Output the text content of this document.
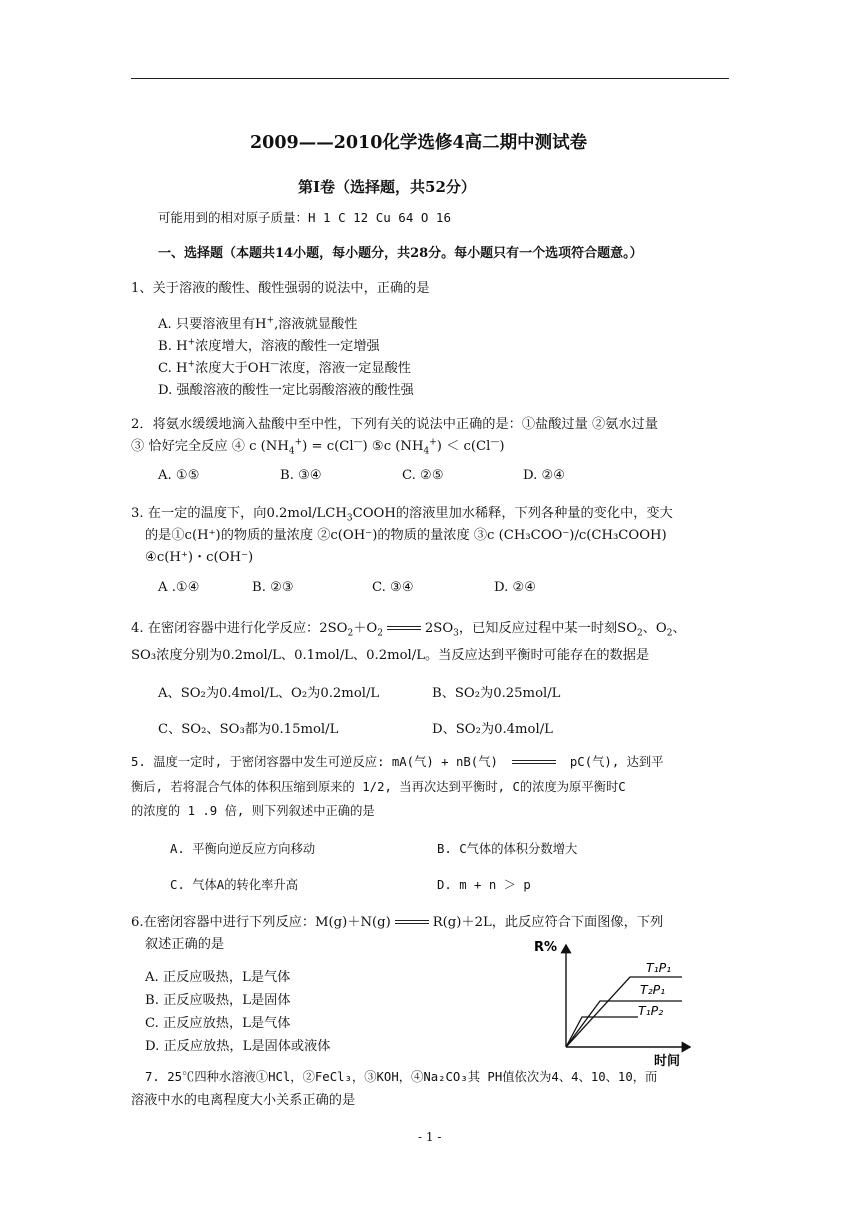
2009——2010化学选修4高二期中测试卷
第I卷（选择题，共52分）
可能用到的相对原子质量：H 1 C 12 Cu 64 O 16
一、选择题（本题共14小题，每小题分，共28分。每小题只有一个选项符合题意。）
1、关于溶液的酸性、酸性强弱的说法中，正确的是
A. 只要溶液里有H+,溶液就显酸性
B. H+浓度增大，溶液的酸性一定增强
C. H+浓度大于OH—浓度，溶液一定显酸性
D. 强酸溶液的酸性一定比弱酸溶液的酸性强
2．将氨水缓缓地滴入盐酸中至中性，下列有关的说法中正确的是：①盐酸过量 ②氨水过量
③ 恰好完全反应 ④ c $(NH_4^+) = c(Cl^—)$ ⑤c $(NH_4^+) < c(Cl^—)$
A. ①⑤	B. ③④	C. ②⑤	D. ②④
3. 在一定的温度下，向$0.2mol/LCH_3COOH$的溶液里加水稀释，下列各种量的变化中，变大
的是①c(H⁺)的物质的量浓度 ②c(OH⁻)的物质的量浓度 ③c (CH₃COO⁻)/c(CH₃COOH)
④c(H⁺)・c(OH⁻)
A .①④	B. ②③	C. ③④	D. ②④
4. 在密闭容器中进行化学反应：$2SO_2+O_2$	$2SO_3$，已知反应过程中某一时刻$SO_2$、$O_2$、
SO₃浓度分别为0.2mol/L、0.1mol/L、0.2mol/L。当反应达到平衡时可能存在的数据是
A、SO₂为0.4mol/L、O₂为0.2mol/L	B、SO₂为0.25mol/L
C、SO₂、SO₃都为0.15mol/L	D、SO₂为0.4mol/L
5. 温度一定时, 于密闭容器中发生可逆反应: mA(气) + nB(气)	pC(气), 达到平
衡后, 若将混合气体的体积压缩到原来的 1/2, 当再次达到平衡时, C的浓度为原平衡时C
的浓度的 1 .9 倍, 则下列叙述中正确的是
A. 平衡向逆反应方向移动	B. C气体的体积分数增大
C. 气体A的转化率升高	D. m + n ＞ p
6.在密闭容器中进行下列反应：M(g)＋N(g)	R(g)＋2L，此反应符合下面图像，下列
叙述正确的是
A. 正反应吸热，L是气体
B. 正反应吸热，L是固体
C. 正反应放热，L是气体
D. 正反应放热，L是固体或液体
R%
时间
T₁P₁
T₂P₁
T₁P₂
7. 25℃四种水溶液①HCl，②FeCl₃，③KOH，④Na₂CO₃其 PH值依次为4、4、10、10，而
溶液中水的电离程度大小关系正确的是
- 1 -
